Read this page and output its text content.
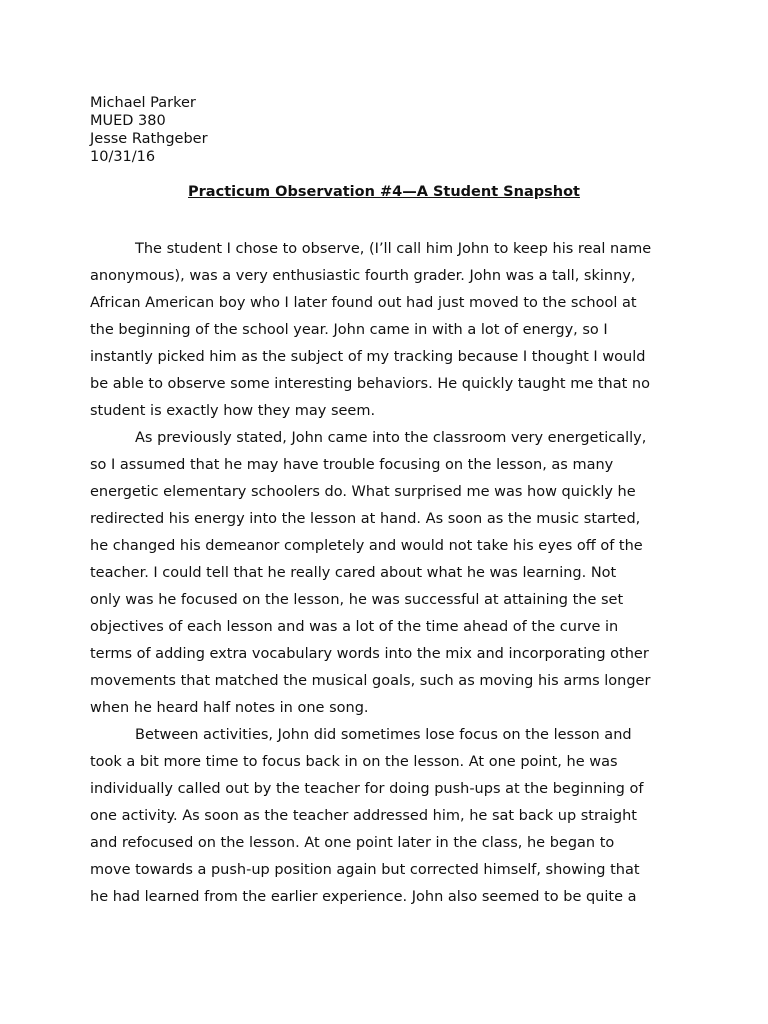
Michael Parker
MUED 380
Jesse Rathgeber
10/31/16
Practicum Observation #4—A Student Snapshot
The student I chose to observe, (I’ll call him John to keep his real name
anonymous), was a very enthusiastic fourth grader. John was a tall, skinny,
African American boy who I later found out had just moved to the school at
the beginning of the school year. John came in with a lot of energy, so I
instantly picked him as the subject of my tracking because I thought I would
be able to observe some interesting behaviors. He quickly taught me that no
student is exactly how they may seem.
As previously stated, John came into the classroom very energetically,
so I assumed that he may have trouble focusing on the lesson, as many
energetic elementary schoolers do. What surprised me was how quickly he
redirected his energy into the lesson at hand. As soon as the music started,
he changed his demeanor completely and would not take his eyes off of the
teacher. I could tell that he really cared about what he was learning. Not
only was he focused on the lesson, he was successful at attaining the set
objectives of each lesson and was a lot of the time ahead of the curve in
terms of adding extra vocabulary words into the mix and incorporating other
movements that matched the musical goals, such as moving his arms longer
when he heard half notes in one song.
Between activities, John did sometimes lose focus on the lesson and
took a bit more time to focus back in on the lesson. At one point, he was
individually called out by the teacher for doing push-ups at the beginning of
one activity. As soon as the teacher addressed him, he sat back up straight
and refocused on the lesson. At one point later in the class, he began to
move towards a push-up position again but corrected himself, showing that
he had learned from the earlier experience. John also seemed to be quite a
